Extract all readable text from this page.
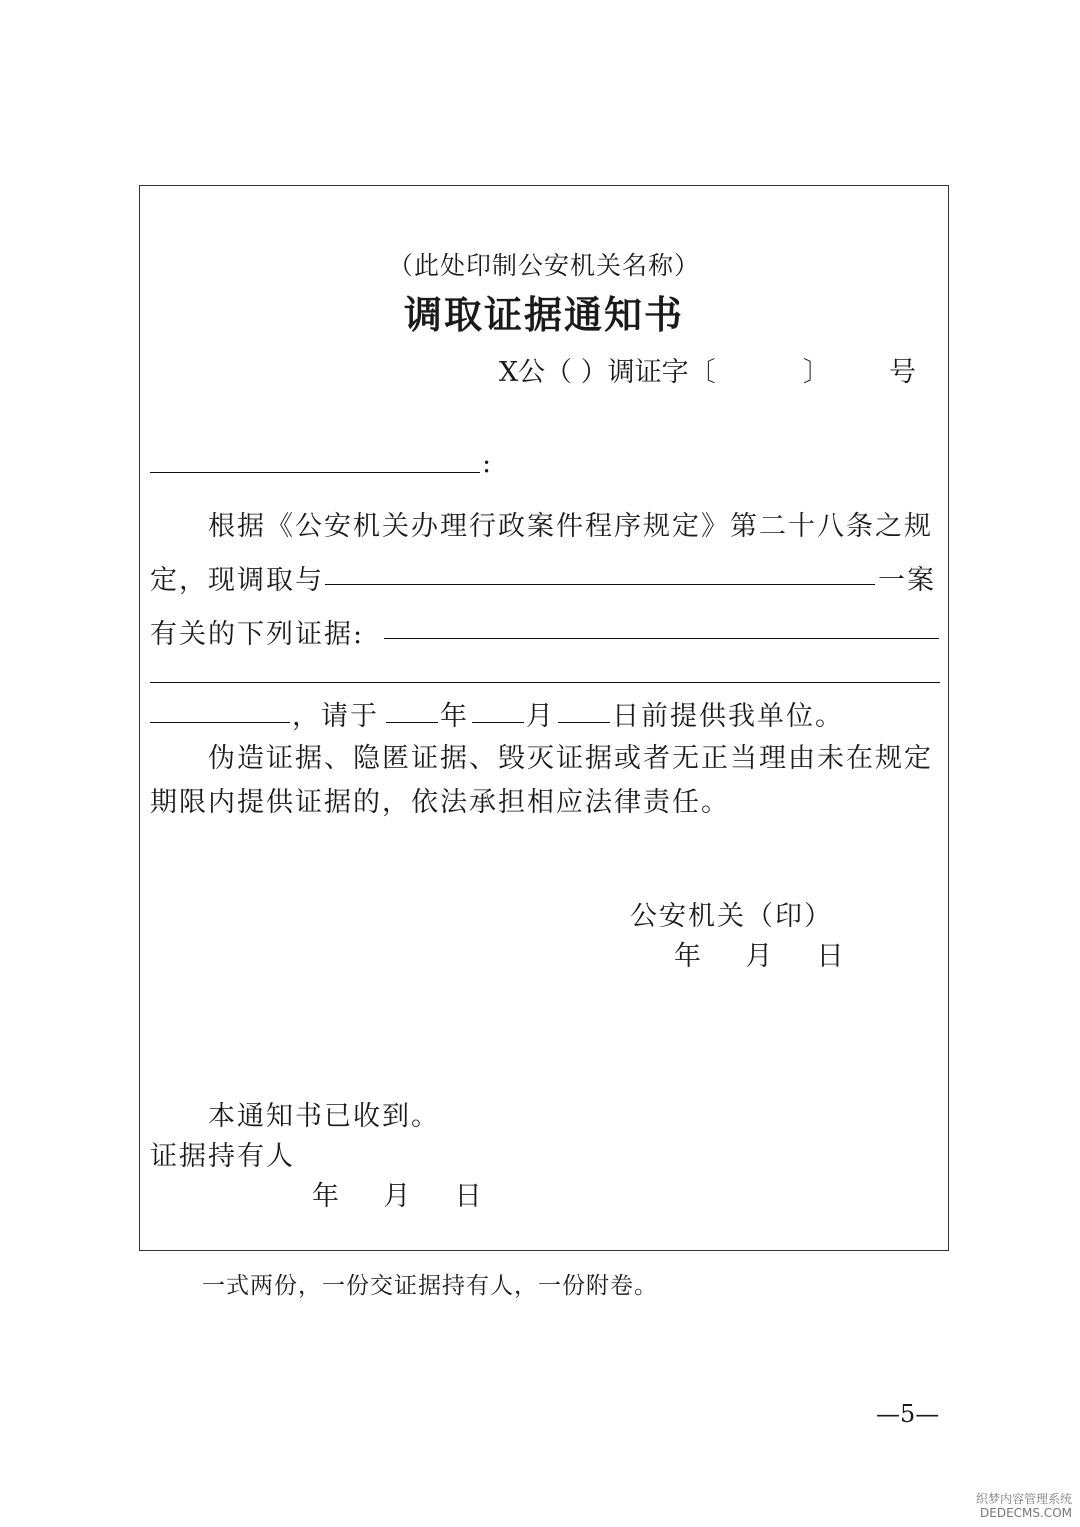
（此处印制公安机关名称）
调取证据通知书
X公（ ）调证字〔	〕 号
:
根据《公安机关办理行政案件程序规定》第二十八条之规
定，现调取与	一案
有关的下列证据:
，请于 年 月 日前提供我单位。
伪造证据、隐匿证据、毁灭证据或者无正当理由未在规定
期限内提供证据的，依法承担相应法律责任。
公安机关（印）
年    月    日
本通知书已收到。
证据持有人
年    月    日
一式两份，一份交证据持有人，一份附卷。
—5—
织梦内容管理系统
DEDECMS.COM
